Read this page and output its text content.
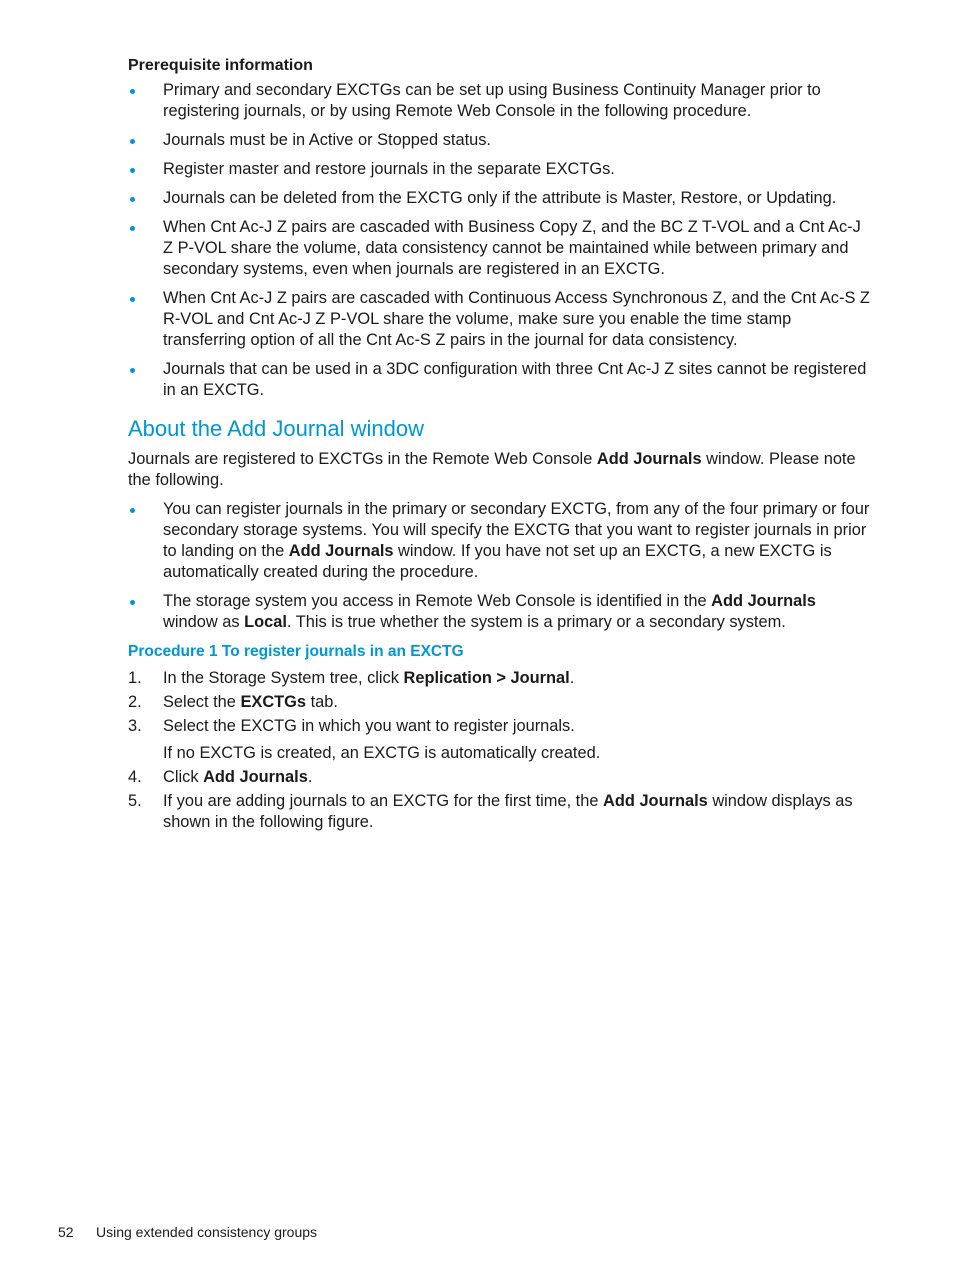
Prerequisite information
Primary and secondary EXCTGs can be set up using Business Continuity Manager prior to registering journals, or by using Remote Web Console in the following procedure.
Journals must be in Active or Stopped status.
Register master and restore journals in the separate EXCTGs.
Journals can be deleted from the EXCTG only if the attribute is Master, Restore, or Updating.
When Cnt Ac-J Z pairs are cascaded with Business Copy Z, and the BC Z T-VOL and a Cnt Ac-J Z P-VOL share the volume, data consistency cannot be maintained while between primary and secondary systems, even when journals are registered in an EXCTG.
When Cnt Ac-J Z pairs are cascaded with Continuous Access Synchronous Z, and the Cnt Ac-S Z R-VOL and Cnt Ac-J Z P-VOL share the volume, make sure you enable the time stamp transferring option of all the Cnt Ac-S Z pairs in the journal for data consistency.
Journals that can be used in a 3DC configuration with three Cnt Ac-J Z sites cannot be registered in an EXCTG.
About the Add Journal window

Journals are registered to EXCTGs in the Remote Web Console Add Journals window. Please note the following.

You can register journals in the primary or secondary EXCTG, from any of the four primary or four secondary storage systems. You will specify the EXCTG that you want to register journals in prior to landing on the Add Journals window. If you have not set up an EXCTG, a new EXCTG is automatically created during the procedure.
The storage system you access in Remote Web Console is identified in the Add Journals window as Local. This is true whether the system is a primary or a secondary system.
Procedure 1 To register journals in an EXCTG
1. In the Storage System tree, click Replication > Journal.
2. Select the EXCTGs tab.
3. Select the EXCTG in which you want to register journals.
If no EXCTG is created, an EXCTG is automatically created.
4. Click Add Journals.
5. If you are adding journals to an EXCTG for the first time, the Add Journals window displays as shown in the following figure.
52 Using extended consistency groups
